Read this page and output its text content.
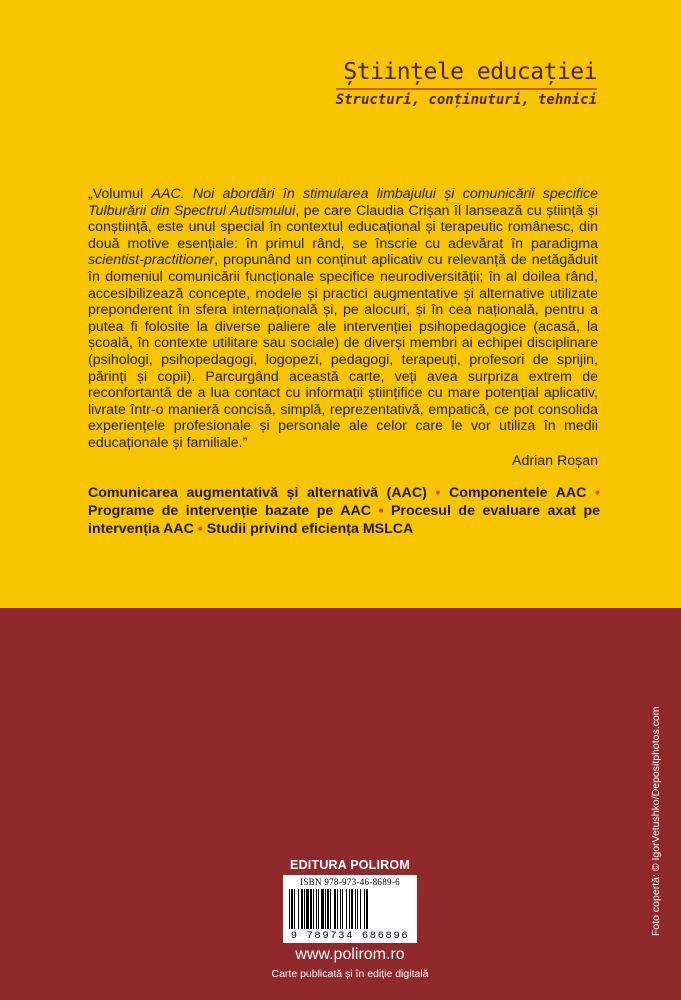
Științele educației
Structuri, conținuturi, tehnici
„Volumul AAC. Noi abordări în stimularea limbajului și comunicării specifice Tulburării din Spectrul Autismului, pe care Claudia Crișan îl lansează cu știință și conștiință, este unul special în contextul educațional și terapeutic românesc, din două motive esențiale: în primul rând, se înscrie cu adevărat în paradigma scientist-practitioner, propunând un conținut aplicativ cu relevanță de netăgăduit în domeniul comunicării funcționale specifice neurodiversității; în al doilea rând, accesibilizează concepte, modele și practici augmentative și alternative utilizate preponderent în sfera internațională și, pe alocuri, și în cea națională, pentru a putea fi folosite la diverse paliere ale intervenției psihopedagogice (acasă, la școală, în contexte utilitare sau sociale) de diverși membri ai echipei disciplinare (psihologi, psihopedagogi, logopezi, pedagogi, terapeuți, profesori de sprijin, părinți și copii). Parcurgând această carte, veți avea surpriza extrem de reconfortantă de a lua contact cu informații științifice cu mare potențial aplicativ, livrate într-o manieră concisă, simplă, reprezentativă, empatică, ce pot consolida experiențele profesionale și personale ale celor care le vor utiliza în medii educaționale și familiale.”
Adrian Roșan
Comunicarea augmentativă și alternativă (AAC) • Componentele AAC • Programe de intervenție bazate pe AAC • Procesul de evaluare axat pe intervenția AAC • Studii privind eficiența MSLCA
EDITURA POLIROM
ISBN 978-973-46-8689-6
9 789734 686896
www.polirom.ro
Carte publicată și în ediție digitală
Foto copertă: © IgorVetushko/Depositphotos.com
